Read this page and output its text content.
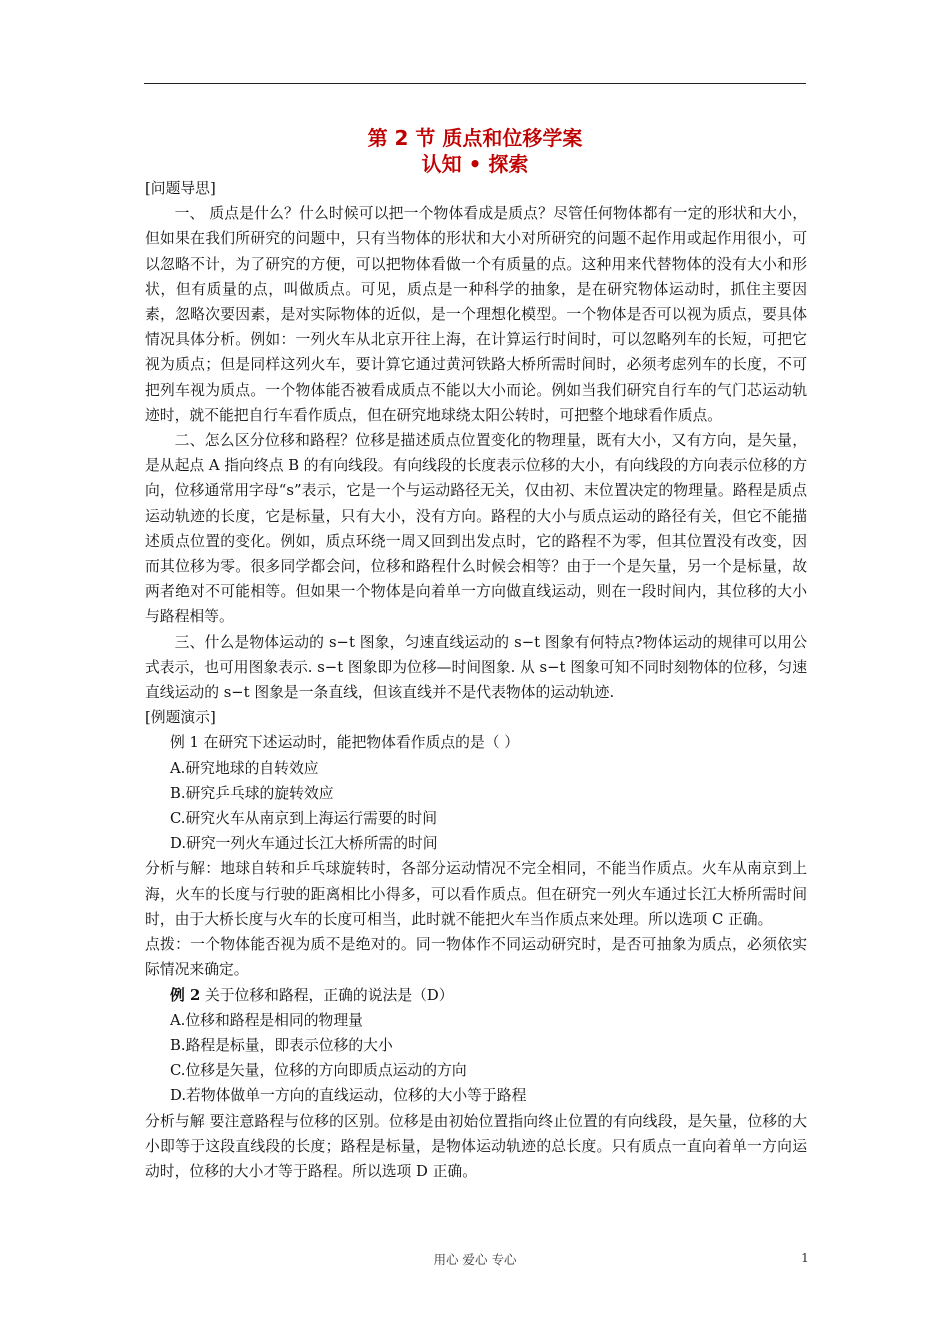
第 2 节 质点和位移学案
认知 • 探索

[问题导思]

一、 质点是什么？什么时候可以把一个物体看成是质点？尽管任何物体都有一定的形状和大小，但如果在我们所研究的问题中，只有当物体的形状和大小对所研究的问题不起作用或起作用很小，可以忽略不计，为了研究的方便，可以把物体看做一个有质量的点。这种用来代替物体的没有大小和形状，但有质量的点，叫做质点。可见，质点是一种科学的抽象，是在研究物体运动时，抓住主要因素，忽略次要因素，是对实际物体的近似，是一个理想化模型。一个物体是否可以视为质点，要具体情况具体分析。例如：一列火车从北京开往上海，在计算运行时间时，可以忽略列车的长短，可把它视为质点；但是同样这列火车，要计算它通过黄河铁路大桥所需时间时，必须考虑列车的长度，不可把列车视为质点。一个物体能否被看成质点不能以大小而论。例如当我们研究自行车的气门芯运动轨迹时，就不能把自行车看作质点，但在研究地球绕太阳公转时，可把整个地球看作质点。

二、怎么区分位移和路程？位移是描述质点位置变化的物理量，既有大小，又有方向，是矢量，是从起点 A 指向终点 B 的有向线段。有向线段的长度表示位移的大小，有向线段的方向表示位移的方向，位移通常用字母“s”表示，它是一个与运动路径无关，仅由初、末位置决定的物理量。路程是质点运动轨迹的长度，它是标量，只有大小，没有方向。路程的大小与质点运动的路径有关，但它不能描述质点位置的变化。例如，质点环绕一周又回到出发点时，它的路程不为零，但其位置没有改变，因而其位移为零。很多同学都会问，位移和路程什么时候会相等？由于一个是矢量，另一个是标量，故两者绝对不可能相等。但如果一个物体是向着单一方向做直线运动，则在一段时间内，其位移的大小与路程相等。

三、什么是物体运动的 s−t 图象，匀速直线运动的 s−t 图象有何特点?物体运动的规律可以用公式表示，也可用图象表示. s−t 图象即为位移—时间图象. 从 s−t 图象可知不同时刻物体的位移，匀速直线运动的 s−t 图象是一条直线，但该直线并不是代表物体的运动轨迹.

[例题演示]

例 1 在研究下述运动时，能把物体看作质点的是（ ）

A.研究地球的自转效应

B.研究乒乓球的旋转效应

C.研究火车从南京到上海运行需要的时间

D.研究一列火车通过长江大桥所需的时间

分析与解：地球自转和乒乓球旋转时，各部分运动情况不完全相同，不能当作质点。火车从南京到上海，火车的长度与行驶的距离相比小得多，可以看作质点。但在研究一列火车通过长江大桥所需时间时，由于大桥长度与火车的长度可相当，此时就不能把火车当作质点来处理。所以选项 C 正确。

点拨：一个物体能否视为质不是绝对的。同一物体作不同运动研究时，是否可抽象为质点，必须依实际情况来确定。

例 2 关于位移和路程，正确的说法是（D）

A.位移和路程是相同的物理量

B.路程是标量，即表示位移的大小

C.位移是矢量，位移的方向即质点运动的方向

D.若物体做单一方向的直线运动，位移的大小等于路程

分析与解 要注意路程与位移的区别。位移是由初始位置指向终止位置的有向线段，是矢量，位移的大小即等于这段直线段的长度；路程是标量，是物体运动轨迹的总长度。只有质点一直向着单一方向运动时，位移的大小才等于路程。所以选项 D 正确。

用心 爱心 专心	1
